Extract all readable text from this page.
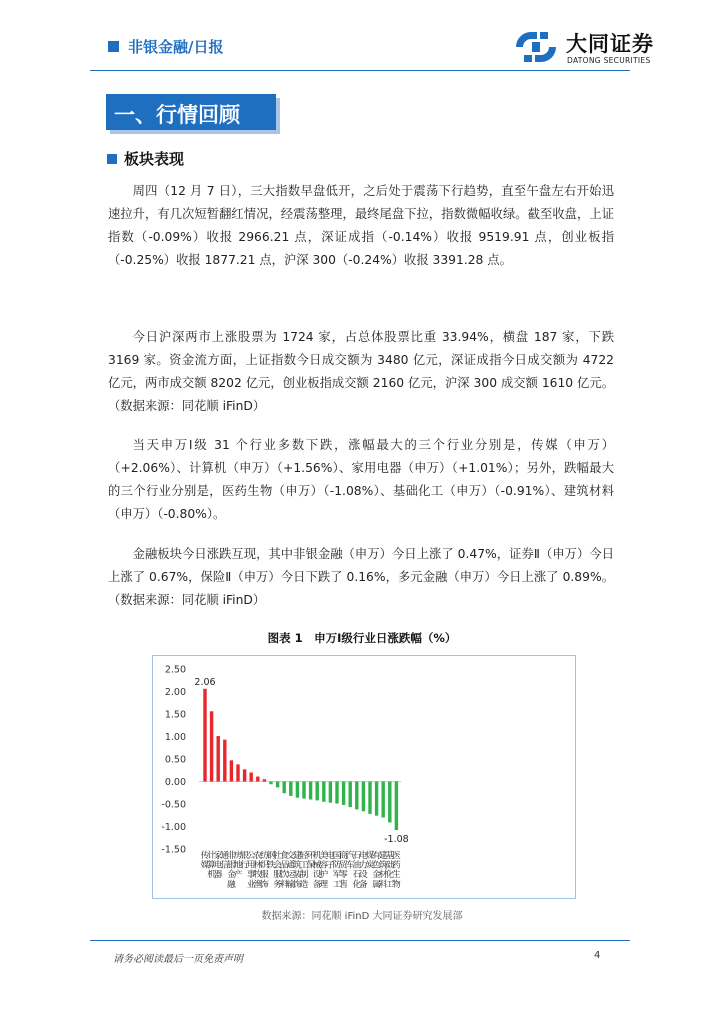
非银金融/日报	大同证券
DATONG SECURITIES
一、行情回顾
板块表现

周四（12 月 7 日），三大指数早盘低开，之后处于震荡下行趋势，直至午盘左右开始迅速拉升，有几次短暂翻红情况，经震荡整理，最终尾盘下拉，指数微幅收绿。截至收盘，上证指数（-0.09%）收报 2966.21 点，深证成指（-0.14%）收报 9519.91 点，创业板指（-0.25%）收报 1877.21 点，沪深 300（-0.24%）收报 3391.28 点。

今日沪深两市上涨股票为 1724 家，占总体股票比重 33.94%，横盘 187 家，下跌 3169 家。资金流方面，上证指数今日成交额为 3480 亿元，深证成指今日成交额为 4722 亿元，两市成交额 8202 亿元，创业板指成交额 2160 亿元，沪深 300 成交额 1610 亿元。（数据来源：同花顺 iFinD）

当天申万Ⅰ级 31 个行业多数下跌，涨幅最大的三个行业分别是，传媒（申万）（+2.06%）、计算机（申万）（+1.56%）、家用电器（申万）（+1.01%）；另外，跌幅最大的三个行业分别是，医药生物（申万）（-1.08%）、基础化工（申万）（-0.91%）、建筑材料（申万）（-0.80%）。

金融板块今日涨跌互现，其中非银金融（申万）今日上涨了 0.47%，证券Ⅱ（申万）今日上涨了 0.67%，保险Ⅱ（申万）今日下跌了 0.16%，多元金融（申万）今日上涨了 0.89%。（数据来源：同花顺 iFinD）

图表 1　申万Ⅰ级行业日涨跌幅（%）
2.50
2.00
1.50
1.00
0.50
0.00
-0.50
-1.00
-1.50
2.06
-1.08
传
媒
计
算
机
家
电
器
通
信
非
银
金
融
房
地
产
银
行
公
用
事
业
农
林
牧
渔
纺
织
服
饰
钢
铁
社
会
服
务
食
品
饮
料
交
通
运
输
建
筑
装
饰
轻
工
制
造
环
保
机
械
设
备
美
容
护
理
电
子
国
防
军
工
商
贸
零
售
汽
车
石
油
石
化
电
力
设
备
煤
炭
有
色
金
属
建
筑
材
料
基
础
化
工
医
药
生
物
数据来源：同花顺 iFinD 大同证券研究发展部
请务必阅读最后一页免责声明	4
